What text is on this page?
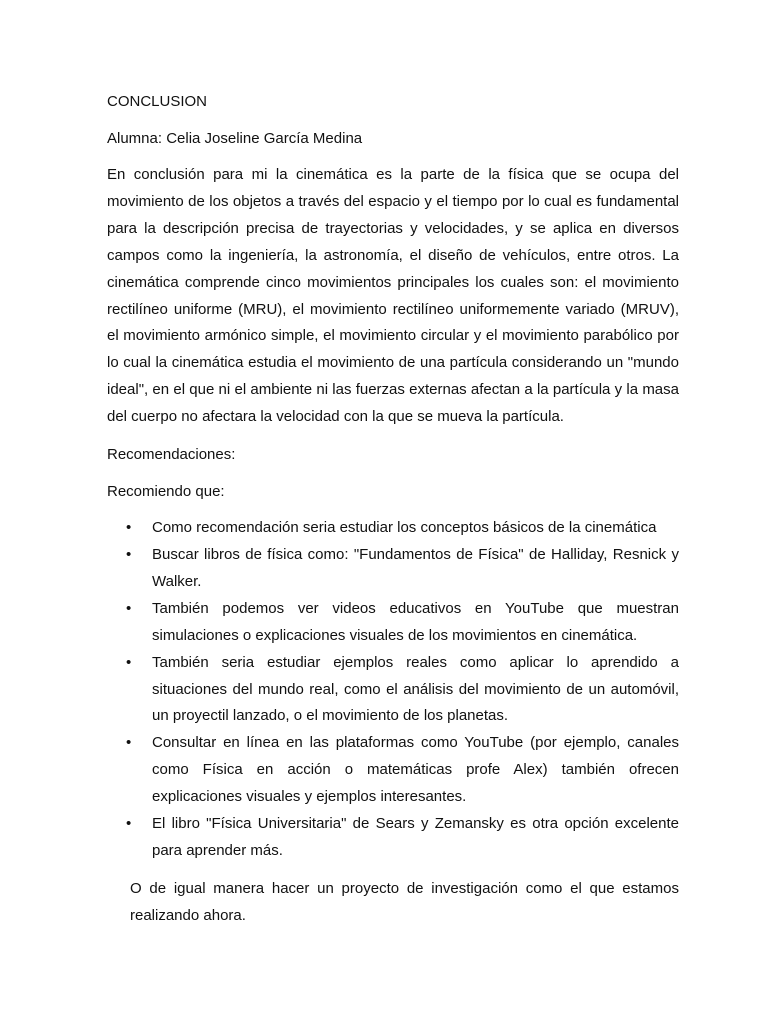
CONCLUSION

Alumna: Celia Joseline García Medina

En conclusión para mi la cinemática es la parte de la física que se ocupa del movimiento de los objetos a través del espacio y el tiempo por lo cual es fundamental para la descripción precisa de trayectorias y velocidades, y se aplica en diversos campos como la ingeniería, la astronomía, el diseño de vehículos, entre otros. La cinemática comprende cinco movimientos principales los cuales son: el movimiento rectilíneo uniforme (MRU), el movimiento rectilíneo uniformemente variado (MRUV), el movimiento armónico simple, el movimiento circular y el movimiento parabólico por lo cual la cinemática estudia el movimiento de una partícula considerando un "mundo ideal", en el que ni el ambiente ni las fuerzas externas afectan a la partícula y la masa del cuerpo no afectara la velocidad con la que se mueva la partícula.

Recomendaciones:

Recomiendo que:

• Como recomendación seria estudiar los conceptos básicos de la cinemática
• Buscar libros de física como: "Fundamentos de Física" de Halliday, Resnick y Walker.
• También podemos ver videos educativos en YouTube que muestran simulaciones o explicaciones visuales de los movimientos en cinemática.
• También seria estudiar ejemplos reales como aplicar lo aprendido a situaciones del mundo real, como el análisis del movimiento de un automóvil, un proyectil lanzado, o el movimiento de los planetas.
• Consultar en línea en las plataformas como YouTube (por ejemplo, canales como Física en acción o matemáticas profe Alex) también ofrecen explicaciones visuales y ejemplos interesantes.
• El libro "Física Universitaria" de Sears y Zemansky es otra opción excelente para aprender más.

O de igual manera hacer un proyecto de investigación como el que estamos realizando ahora.
